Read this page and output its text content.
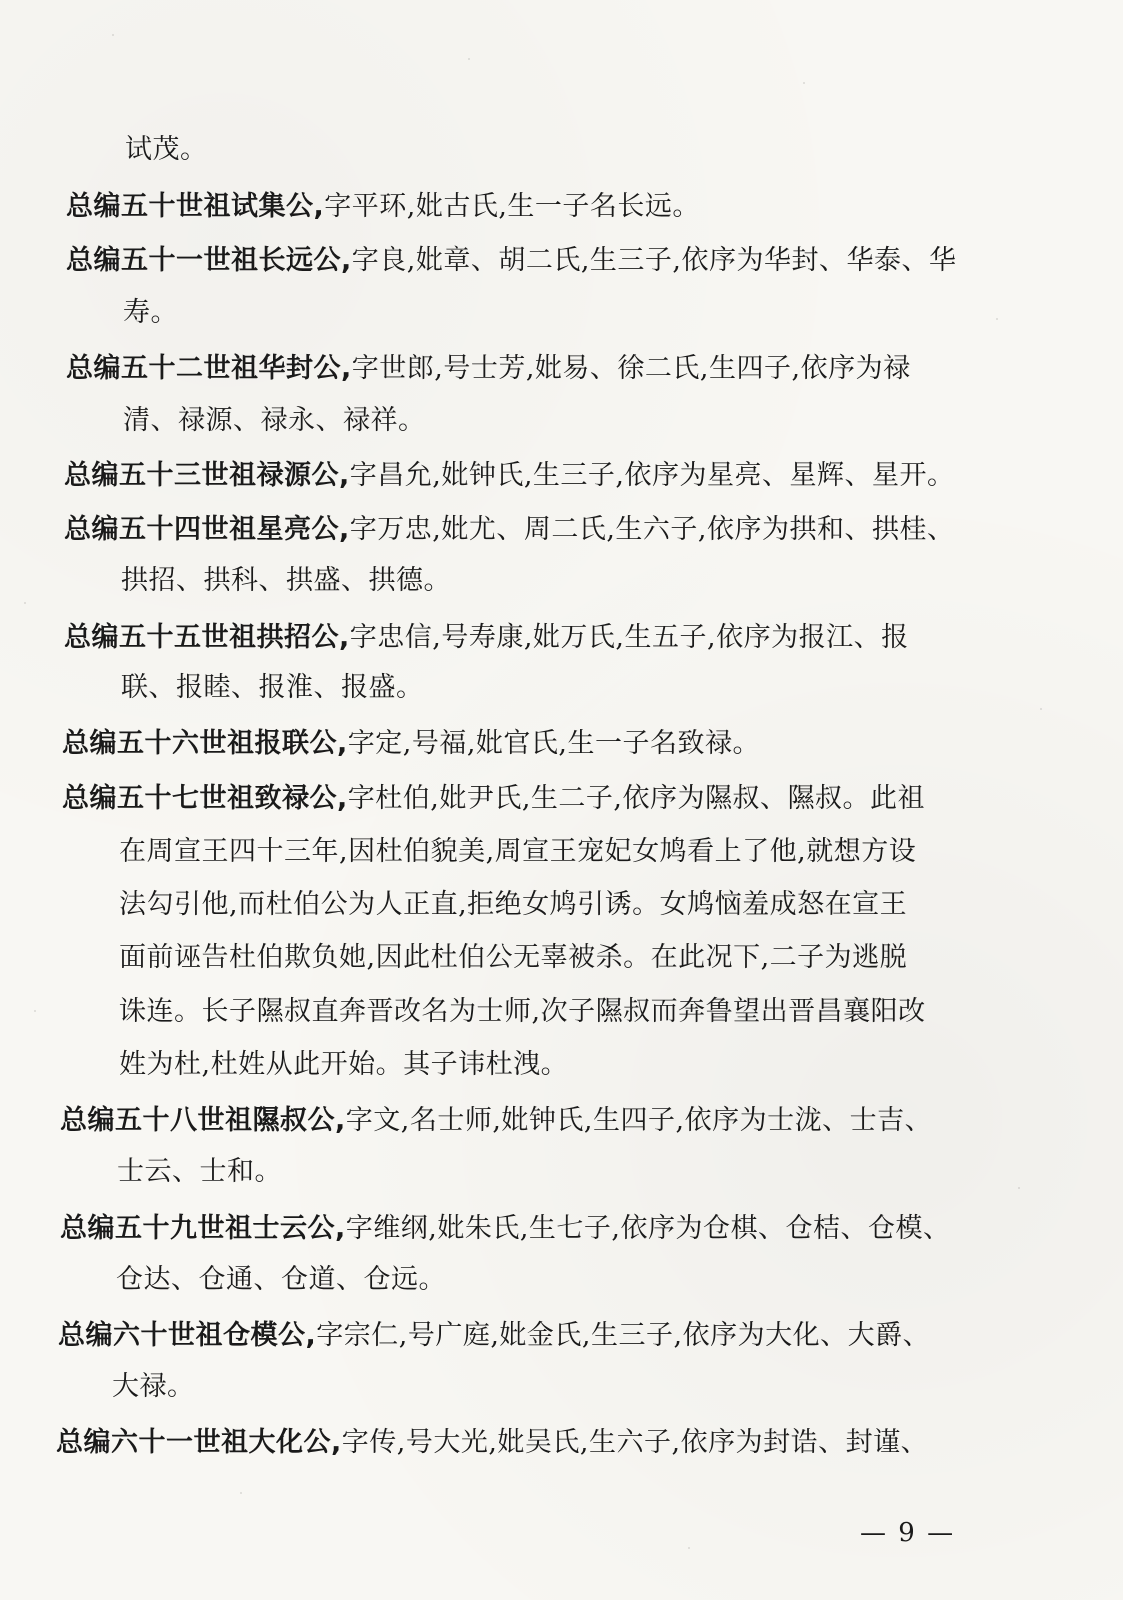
试茂。
总编五十世祖试集公,字平环,妣古氏,生一子名长远。
总编五十一世祖长远公,字良,妣章、胡二氏,生三子,依序为华封、华泰、华
寿。
总编五十二世祖华封公,字世郎,号士芳,妣易、徐二氏,生四子,依序为禄
清、禄源、禄永、禄祥。
总编五十三世祖禄源公,字昌允,妣钟氏,生三子,依序为星亮、星辉、星开。
总编五十四世祖星亮公,字万忠,妣尤、周二氏,生六子,依序为拱和、拱桂、
拱招、拱科、拱盛、拱德。
总编五十五世祖拱招公,字忠信,号寿康,妣万氏,生五子,依序为报江、报
联、报睦、报淮、报盛。
总编五十六世祖报联公,字定,号福,妣官氏,生一子名致禄。
总编五十七世祖致禄公,字杜伯,妣尹氏,生二子,依序为隰叔、隰叔。此祖
在周宣王四十三年,因杜伯貌美,周宣王宠妃女鸠看上了他,就想方设
法勾引他,而杜伯公为人正直,拒绝女鸠引诱。女鸠恼羞成怒在宣王
面前诬告杜伯欺负她,因此杜伯公无辜被杀。在此况下,二子为逃脱
诛连。长子隰叔直奔晋改名为士师,次子隰叔而奔鲁望出晋昌襄阳改
姓为杜,杜姓从此开始。其子讳杜洩。
总编五十八世祖隰叔公,字文,名士师,妣钟氏,生四子,依序为士泷、士吉、
士云、士和。
总编五十九世祖士云公,字维纲,妣朱氏,生七子,依序为仓棋、仓桔、仓模、
仓达、仓通、仓道、仓远。
总编六十世祖仓模公,字宗仁,号广庭,妣金氏,生三子,依序为大化、大爵、
大禄。
总编六十一世祖大化公,字传,号大光,妣吴氏,生六子,依序为封诰、封谨、
— 9 —
